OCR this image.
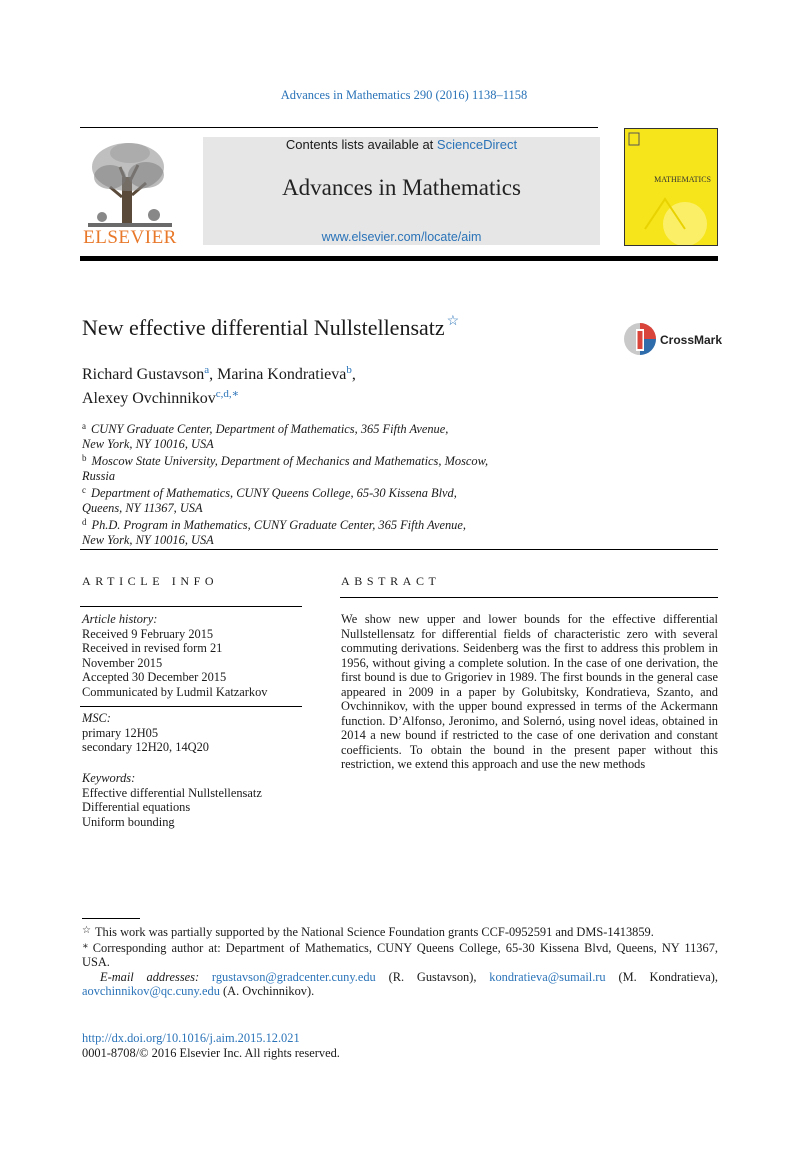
Advances in Mathematics 290 (2016) 1138–1158
ELSEVIER
Contents lists available at ScienceDirect
Advances in Mathematics
www.elsevier.com/locate/aim
MATHEMATICS
New effective differential Nullstellensatz ☆
CrossMark
Richard Gustavson$^a$, Marina Kondratieva$^b$,
Alexey Ovchinnikov$^{c,d,∗}$
$^a$ CUNY Graduate Center, Department of Mathematics, 365 Fifth Avenue,
New York, NY 10016, USA
$^b$ Moscow State University, Department of Mechanics and Mathematics, Moscow,
Russia
$^c$ Department of Mathematics, CUNY Queens College, 65-30 Kissena Blvd,
Queens, NY 11367, USA
$^d$ Ph.D. Program in Mathematics, CUNY Graduate Center, 365 Fifth Avenue,
New York, NY 10016, USA
ARTICLE INFO	ABSTRACT
Article history:
Received 9 February 2015
Received in revised form 21
November 2015
Accepted 30 December 2015
Communicated by Ludmil Katzarkov
MSC:
primary 12H05
secondary 12H20, 14Q20
Keywords:
Effective differential Nullstellensatz
Differential equations
Uniform bounding
We show new upper and lower bounds for the effective differential Nullstellensatz for differential fields of characteristic zero with several commuting derivations. Seidenberg was the first to address this problem in 1956, without giving a complete solution. In the case of one derivation, the first bound is due to Grigoriev in 1989. The first bounds in the general case appeared in 2009 in a paper by Golubitsky, Kondratieva, Szanto, and Ovchinnikov, with the upper bound expressed in terms of the Ackermann function. D’Alfonso, Jeronimo, and Solernó, using novel ideas, obtained in 2014 a new bound if restricted to the case of one derivation and constant coefficients. To obtain the bound in the present paper without this restriction, we extend this approach and use the new methods

☆ This work was partially supported by the National Science Foundation grants CCF-0952591 and DMS-1413859.

∗ Corresponding author at: Department of Mathematics, CUNY Queens College, 65-30 Kissena Blvd, Queens, NY 11367, USA.

E-mail addresses: rgustavson@gradcenter.cuny.edu (R. Gustavson), kondratieva@sumail.ru (M. Kondratieva), aovchinnikov@qc.cuny.edu (A. Ovchinnikov).

http://dx.doi.org/10.1016/j.aim.2015.12.021
0001-8708/© 2016 Elsevier Inc. All rights reserved.
